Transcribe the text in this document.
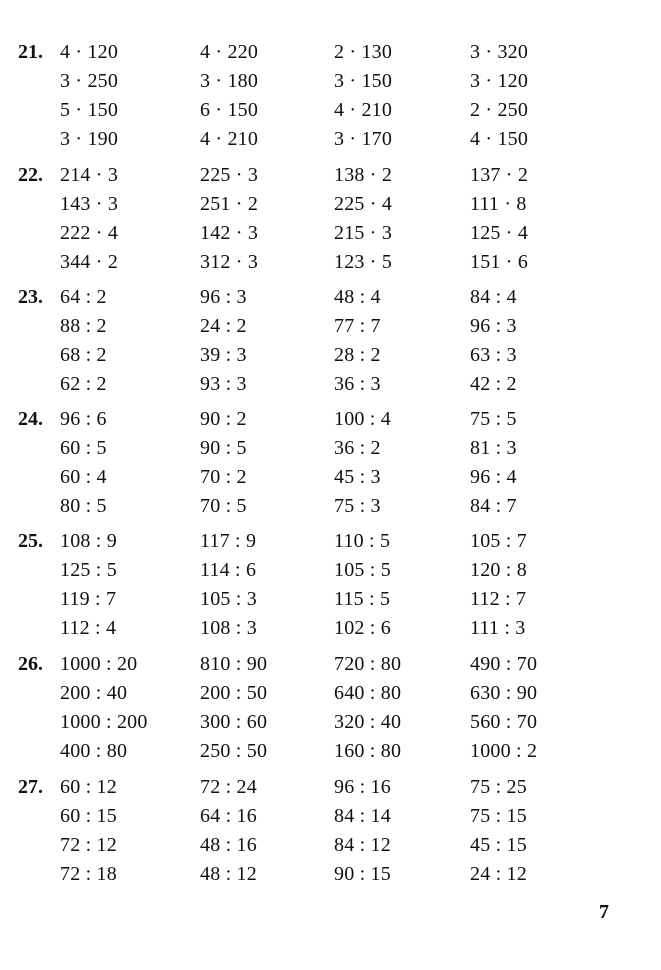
21. 4 · 120
3 · 250
5 · 150
3 · 190
4 · 220
3 · 180
6 · 150
4 · 210
2 · 130
3 · 150
4 · 210
3 · 170
3 · 320
3 · 120
2 · 250
4 · 150
22. 214 · 3
143 · 3
222 · 4
344 · 2
225 · 3
251 · 2
142 · 3
312 · 3
138 · 2
225 · 4
215 · 3
123 · 5
137 · 2
111 · 8
125 · 4
151 · 6
23. 64 : 2
88 : 2
68 : 2
62 : 2
96 : 3
24 : 2
39 : 3
93 : 3
48 : 4
77 : 7
28 : 2
36 : 3
84 : 4
96 : 3
63 : 3
42 : 2
24. 96 : 6
60 : 5
60 : 4
80 : 5
90 : 2
90 : 5
70 : 2
70 : 5
100 : 4
36 : 2
45 : 3
75 : 3
75 : 5
81 : 3
96 : 4
84 : 7
25. 108 : 9
125 : 5
119 : 7
112 : 4
117 : 9
114 : 6
105 : 3
108 : 3
110 : 5
105 : 5
115 : 5
102 : 6
105 : 7
120 : 8
112 : 7
111 : 3
26. 1000 : 20
200 : 40
1000 : 200
400 : 80
810 : 90
200 : 50
300 : 60
250 : 50
720 : 80
640 : 80
320 : 40
160 : 80
490 : 70
630 : 90
560 : 70
1000 : 2
27. 60 : 12
60 : 15
72 : 12
72 : 18
72 : 24
64 : 16
48 : 16
48 : 12
96 : 16
84 : 14
84 : 12
90 : 15
75 : 25
75 : 15
45 : 15
24 : 12
7
